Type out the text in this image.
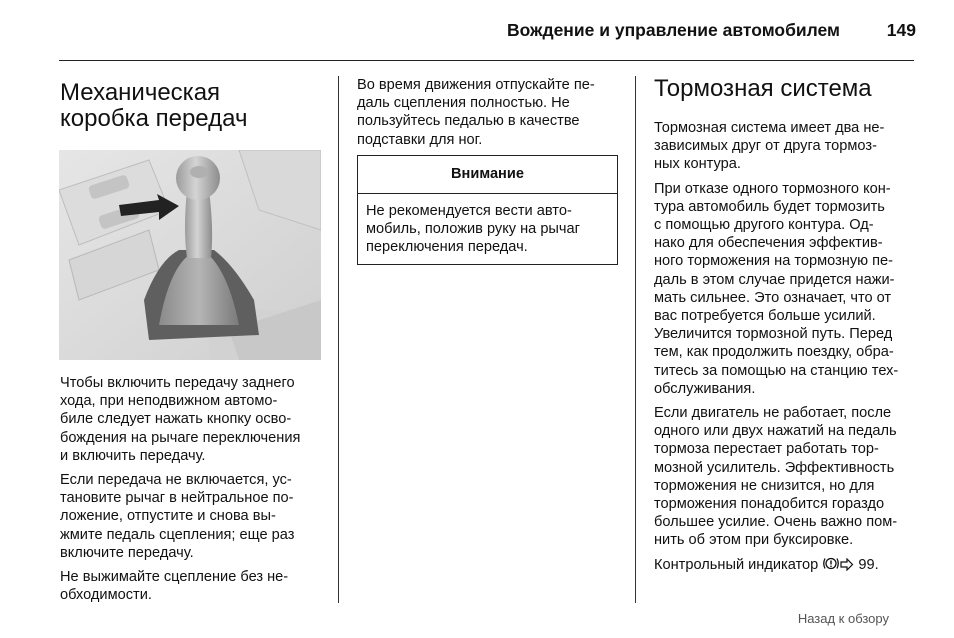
Вождение и управление автомобилем	149
Механическая
коробка передач

Чтобы включить передачу заднего
хода, при неподвижном автомо-
биле следует нажать кнопку осво-
бождения на рычаге переключения
и включить передачу.

Если передача не включается, ус-
тановите рычаг в нейтральное по-
ложение, отпустите и снова вы-
жмите педаль сцепления; еще раз
включите передачу.

Не выжимайте сцепление без не-
обходимости.

Во время движения отпускайте пе-
даль сцепления полностью. Не
пользуйтесь педалью в качестве
подставки для ног.

Внимание
Не рекомендуется вести авто-
мобиль, положив руку на рычаг
переключения передач.
Тормозная система

Тормозная система имеет два не-
зависимых друг от друга тормоз-
ных контура.

При отказе одного тормозного кон-
тура автомобиль будет тормозить
с помощью другого контура. Од-
нако для обеспечения эффектив-
ного торможения на тормозную пе-
даль в этом случае придется нажи-
мать сильнее. Это означает, что от
вас потребуется больше усилий.
Увеличится тормозной путь. Перед
тем, как продолжить поездку, обра-
титесь за помощью на станцию тех-
обслуживания.

Если двигатель не работает, после
одного или двух нажатий на педаль
тормоза перестает работать тор-
мозной усилитель. Эффективность
торможения не снизится, но для
торможения понадобится гораздо
большее усилие. Очень важно пом-
нить об этом при буксировке.

Контрольный индикатор	99.

Назад к обзору
